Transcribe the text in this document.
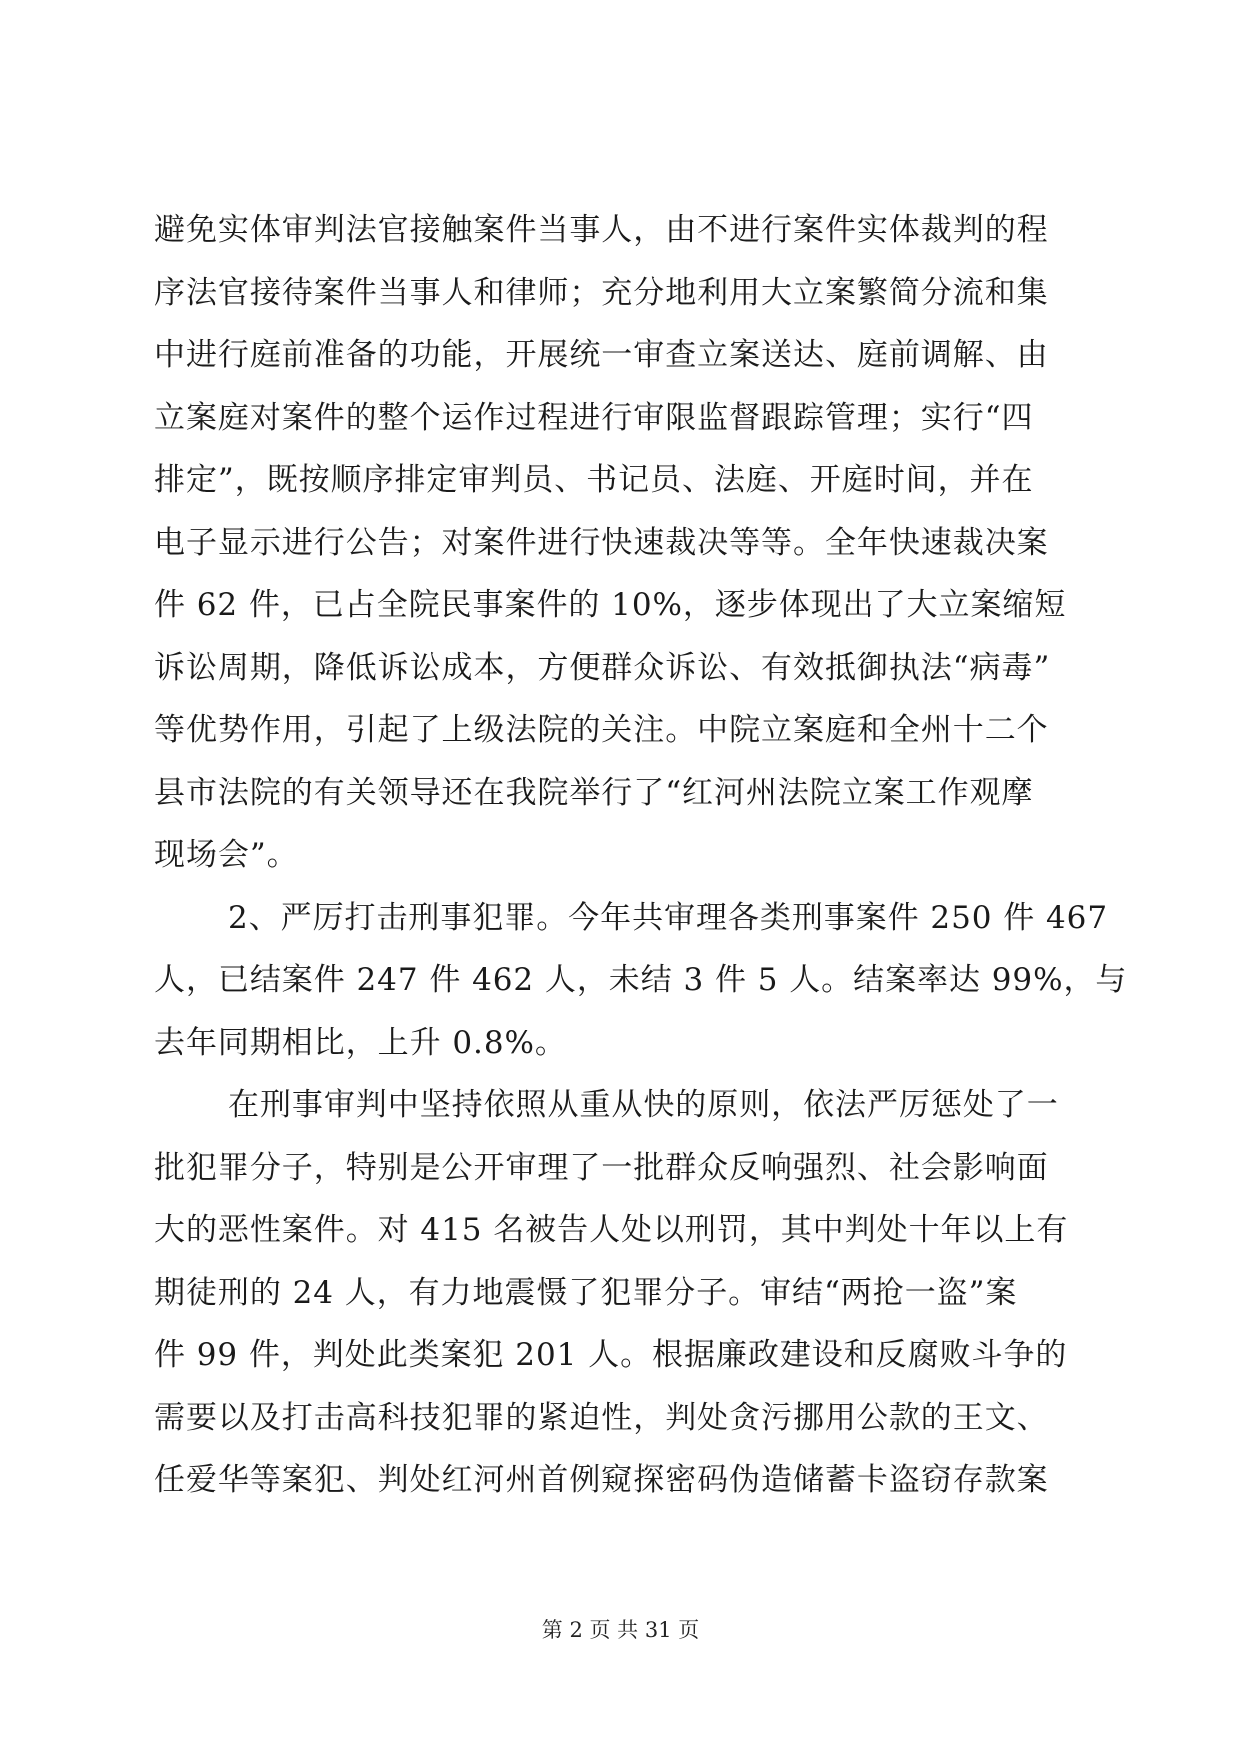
避免实体审判法官接触案件当事人，由不进行案件实体裁判的程
序法官接待案件当事人和律师；充分地利用大立案繁简分流和集
中进行庭前准备的功能，开展统一审查立案送达、庭前调解、由
立案庭对案件的整个运作过程进行审限监督跟踪管理；实行“四
排定”，既按顺序排定审判员、书记员、法庭、开庭时间，并在
电子显示进行公告；对案件进行快速裁决等等。全年快速裁决案
件 62 件，已占全院民事案件的 10%，逐步体现出了大立案缩短
诉讼周期，降低诉讼成本，方便群众诉讼、有效抵御执法“病毒”
等优势作用，引起了上级法院的关注。中院立案庭和全州十二个
县市法院的有关领导还在我院举行了“红河州法院立案工作观摩
现场会”。
2、严厉打击刑事犯罪。今年共审理各类刑事案件 250 件 467
人，已结案件 247 件 462 人，未结 3 件 5 人。结案率达 99%，与
去年同期相比，上升 0.8%。
在刑事审判中坚持依照从重从快的原则，依法严厉惩处了一
批犯罪分子，特别是公开审理了一批群众反响强烈、社会影响面
大的恶性案件。对 415 名被告人处以刑罚，其中判处十年以上有
期徒刑的 24 人，有力地震慑了犯罪分子。审结“两抢一盗”案
件 99 件，判处此类案犯 201 人。根据廉政建设和反腐败斗争的
需要以及打击高科技犯罪的紧迫性，判处贪污挪用公款的王文、
任爱华等案犯、判处红河州首例窥探密码伪造储蓄卡盗窃存款案
第 2 页 共 31 页
